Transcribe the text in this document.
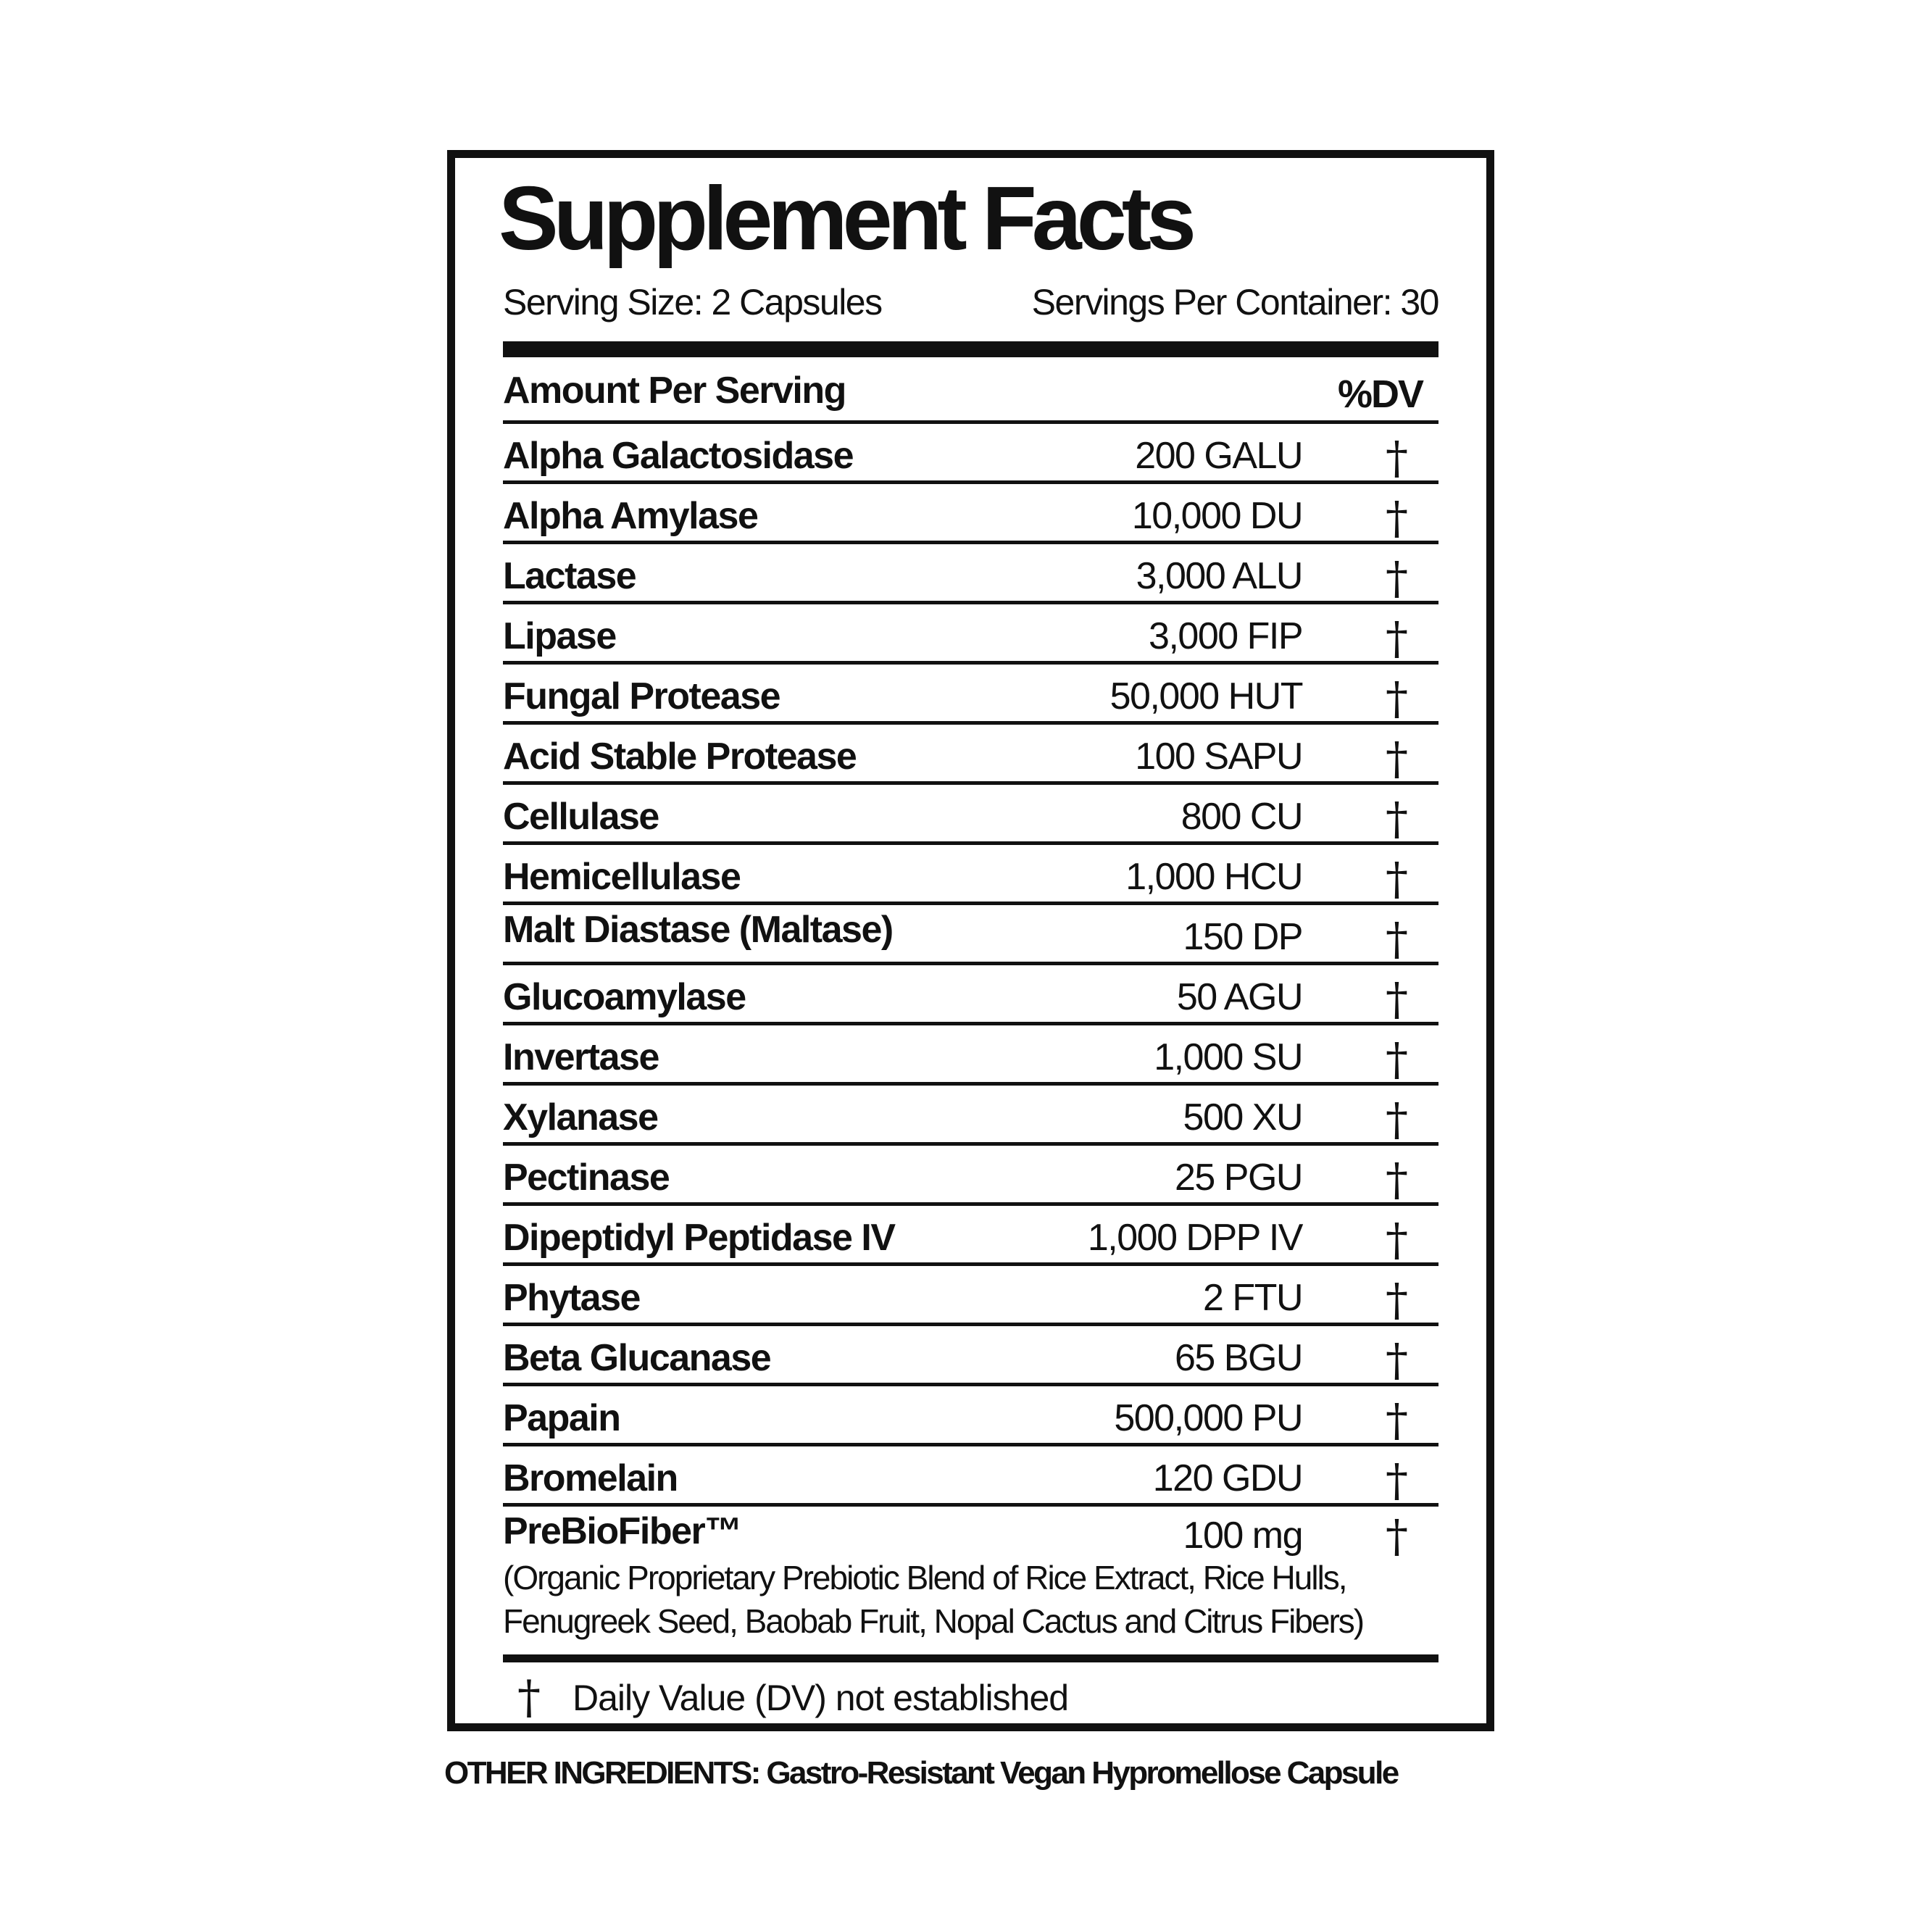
Supplement Facts
Serving Size: 2 Capsules	Servings Per Container: 30
Amount Per Serving	%DV
Alpha Galactosidase	200 GALU †
Alpha Amylase	10,000 DU †
Lactase	3,000 ALU †
Lipase	3,000 FIP †
Fungal Protease	50,000 HUT †
Acid Stable Protease	100 SAPU †
Cellulase	800 CU †
Hemicellulase	1,000 HCU †
Malt Diastase (Maltase)	150 DP †
Glucoamylase	50 AGU †
Invertase	1,000 SU †
Xylanase	500 XU †
Pectinase	25 PGU †
Dipeptidyl Peptidase IV	1,000 DPP IV †
Phytase	2 FTU †
Beta Glucanase	65 BGU †
Papain	500,000 PU †
Bromelain	120 GDU †
PreBioFiber™	100 mg †
(Organic Proprietary Prebiotic Blend of Rice Extract, Rice Hulls,
Fenugreek Seed, Baobab Fruit, Nopal Cactus and Citrus Fibers)
† Daily Value (DV) not established
OTHER INGREDIENTS: Gastro-Resistant Vegan Hypromellose Capsule
